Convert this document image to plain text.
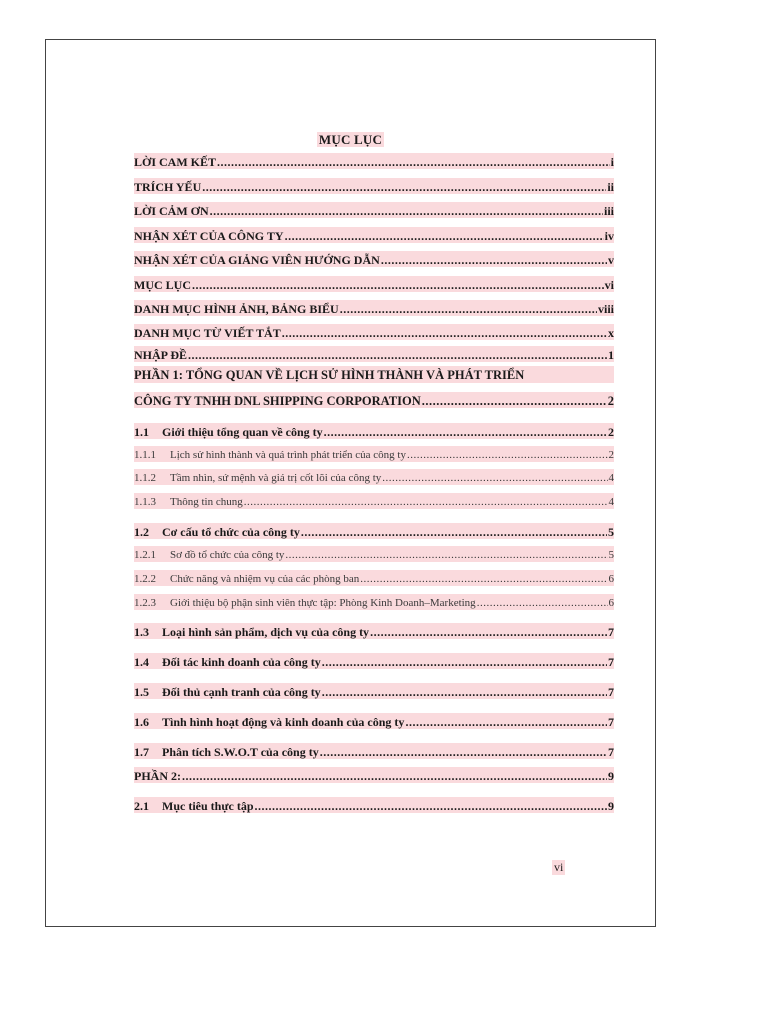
MỤC LỤC
LỜI CAM KẾT .....	i
TRÍCH YẾU .....	ii
LỜI CẢM ƠN .....	iii
NHẬN XÉT CỦA CÔNG TY .....	iv
NHẬN XÉT CỦA GIẢNG VIÊN HƯỚNG DẪN .....	v
MỤC LỤC .....	vi
DANH MỤC HÌNH ẢNH, BẢNG BIỂU .....	viii
DANH MỤC TỪ VIẾT TẮT .....	x
NHẬP ĐỀ .....	1
PHẦN 1: TỔNG QUAN VỀ LỊCH SỬ HÌNH THÀNH VÀ PHÁT TRIỂN
CÔNG TY TNHH DNL SHIPPING CORPORATION .....	2
1.1	Giới thiệu tổng quan về công ty .....	2
1.1.1	Lịch sử hình thành và quá trình phát triển của công ty .....	2
1.1.2	Tầm nhìn, sứ mệnh và giá trị cốt lõi của công ty .....	4
1.1.3	Thông tin chung .....	4
1.2	Cơ cấu tổ chức của công ty .....	5
1.2.1	Sơ đồ tổ chức của công ty .....	5
1.2.2	Chức năng và nhiệm vụ của các phòng ban .....	6
1.2.3	Giới thiệu bộ phận sinh viên thực tập: Phòng Kinh Doanh–Marketing .....	6
1.3	Loại hình sản phẩm, dịch vụ của công ty .....	7
1.4	Đối tác kinh doanh của công ty .....	7
1.5	Đối thủ cạnh tranh của công ty .....	7
1.6	Tình hình hoạt động và kinh doanh của công ty .....	7
1.7	Phân tích S.W.O.T của công ty .....	7
PHẦN 2: .....	9
2.1	Mục tiêu thực tập .....	9
vi
